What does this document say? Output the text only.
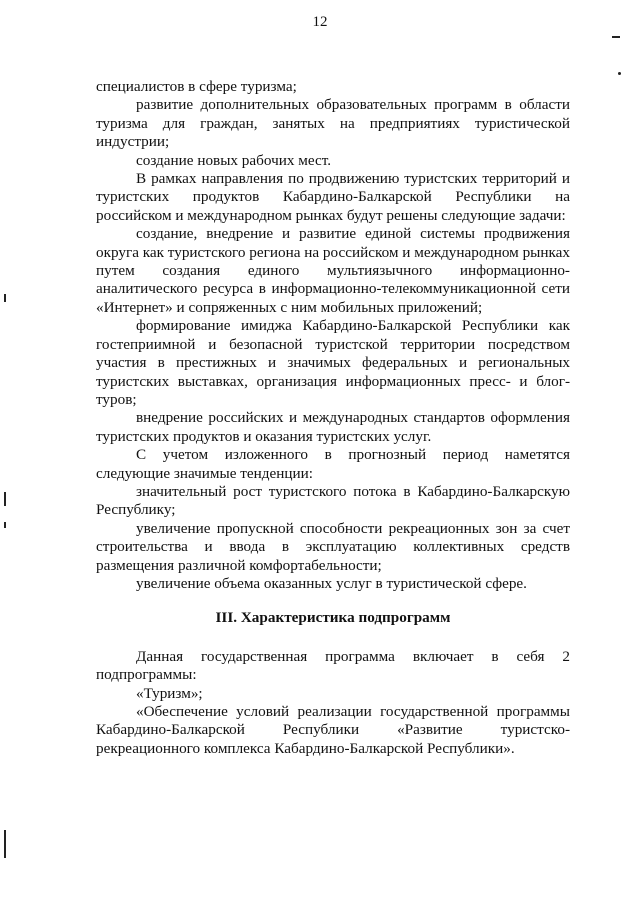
12

специалистов в сфере туризма;

развитие дополнительных образовательных программ в области туризма для граждан, занятых на предприятиях туристической индустрии;

создание новых рабочих мест.

В рамках направления по продвижению туристских территорий и туристских продуктов Кабардино-Балкарской Республики на российском и международном рынках будут решены следующие задачи:

создание, внедрение и развитие единой системы продвижения округа как туристского региона на российском и международном рынках путем создания единого мультиязычного информационно-аналитического ресурса в информационно-телекоммуникационной сети «Интернет» и сопряженных с ним мобильных приложений;

формирование имиджа Кабардино-Балкарской Республики как гостеприимной и безопасной туристской территории посредством участия в престижных и значимых федеральных и региональных туристских выставках, организация информационных пресс- и блог-туров;

внедрение российских и международных стандартов оформления туристских продуктов и оказания туристских услуг.

С учетом изложенного в прогнозный период наметятся следующие значимые тенденции:

значительный рост туристского потока в Кабардино-Балкарскую Республику;

увеличение пропускной способности рекреационных зон за счет строительства и ввода в эксплуатацию коллективных средств размещения различной комфортабельности;

увеличение объема оказанных услуг в туристической сфере.

III. Характеристика подпрограмм

Данная государственная программа включает в себя 2 подпрограммы:

«Туризм»;

«Обеспечение условий реализации государственной программы Кабардино-Балкарской Республики «Развитие туристско-рекреационного комплекса Кабардино-Балкарской Республики».
